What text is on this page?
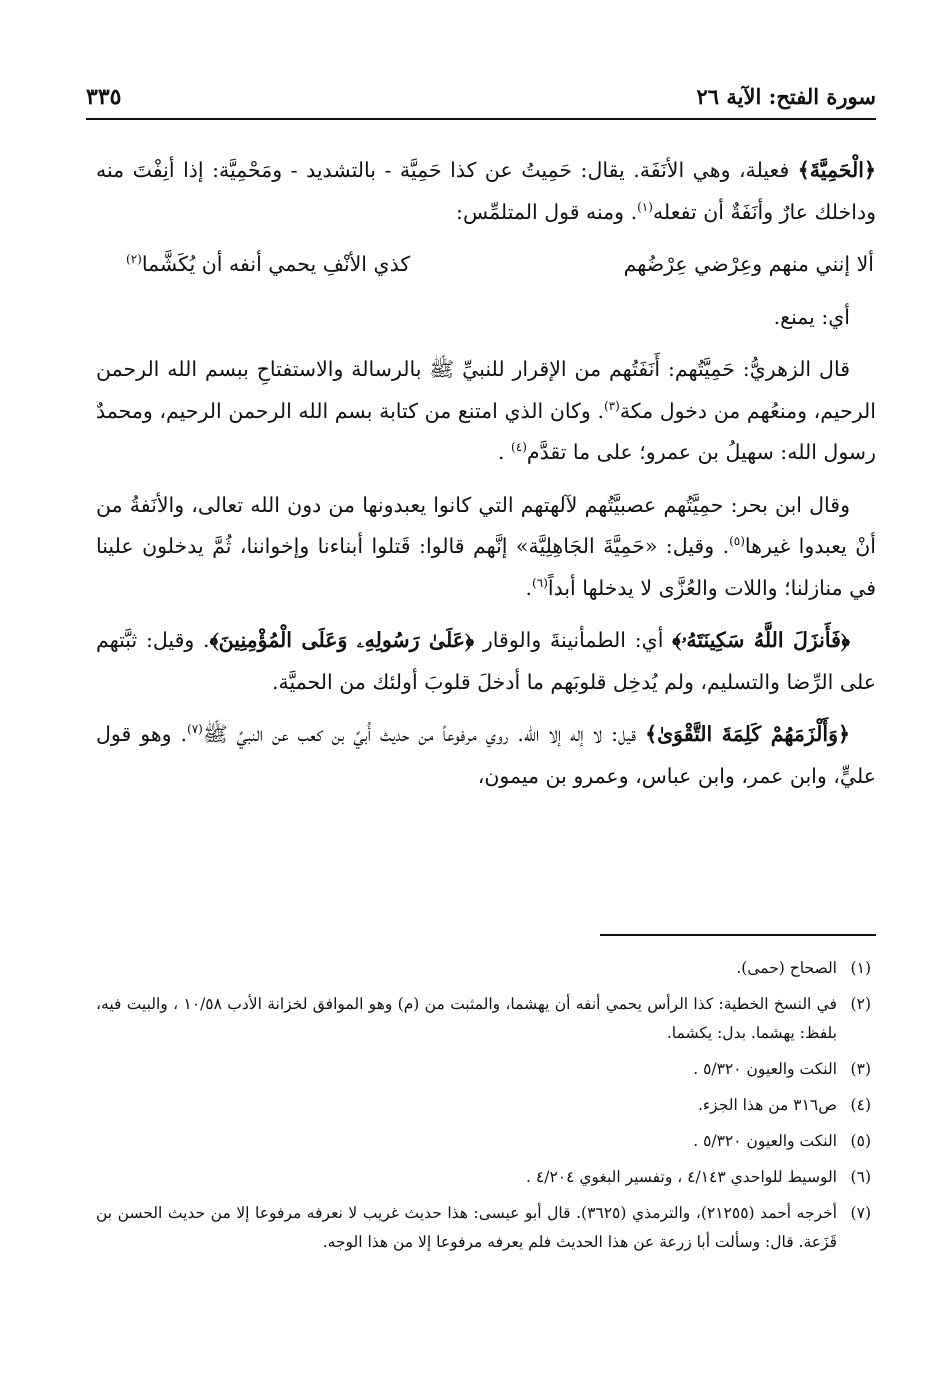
سورة الفتح: الآية ٢٦
٣٣٥

﴿الْحَمِيَّةَ﴾ فعيلة، وهي الأنَفَة. يقال: حَمِيتُ عن كذا حَمِيَّة - بالتشديد - ومَحْمِيَّة: إذا أنِفْتَ منه وداخلك عارٌ وأنَفَةٌ أن تفعله$^{(١)}$. ومنه قول المتلمِّس:

ألا إنني منهم وعِرْضي عِرْضُهم
كذي الأنْفِ يحمي أنفه أن يُكَشَّما$^{(٢)}$

أي: يمنع.

قال الزهريُّ: حَمِيَّتُهم: أَنَفَتُهم من الإقرار للنبيِّ ﷺ بالرسالة والاستفتاحِ ببسم الله الرحمن الرحيم، ومنعُهم من دخول مكة$^{(٣)}$. وكان الذي امتنع من كتابة بسم الله الرحمن الرحيم، ومحمدٌ رسول الله: سهيلُ بن عمرو؛ على ما تقدَّم$^{(٤)}$ .

وقال ابن بحر: حمِيَّتُهم عصبيَّتُهم لآلهتهم التي كانوا يعبدونها من دون الله تعالى، والأنَفةُ من أنْ يعبدوا غيرها$^{(٥)}$. وقيل: «حَمِيَّةَ الجَاهِلِيَّة» إنَّهم قالوا: قَتلوا أبناءنا وإخواننا، ثُمَّ يدخلون علينا في منازلنا؛ واللات والعُزَّى لا يدخلها أبداً$^{(٦)}$.

﴿فَأَنزَلَ اللَّهُ سَكِينَتَهُۥ﴾ أي: الطمأنينةَ والوقار ﴿عَلَىٰ رَسُولِهِۦ وَعَلَى الْمُؤْمِنِينَ﴾. وقيل: ثبَّتهم على الرِّضا والتسليم، ولم يُدخِل قلوبَهم ما أدخلَ قلوبَ أولئك من الحميَّة.

﴿وَأَلْزَمَهُمْ كَلِمَةَ التَّقْوَىٰ﴾ قيل: لا إله إلا الله. روي مرفوعاً من حديث أُبيِّ بن كعب عن النبيِّ ﷺ$^{(٧)}$. وهو قول عليٍّ، وابن عمر، وابن عباس، وعمرو بن ميمون،

(١)
الصحاح (حمى).
(٢)
في النسخ الخطية: كذا الرأس يحمي أنفه أن يهشما، والمثبت من (م) وهو الموافق لخزانة الأدب ١٠/٥٨ ، والبيت فيه، بلفظ: يهشما. بدل: يكشما.
(٣)
النكت والعيون ٥/٣٢٠ .
(٤)
ص٣١٦ من هذا الجزء.
(٥)
النكت والعيون ٥/٣٢٠ .
(٦)
الوسيط للواحدي ٤/١٤٣ ، وتفسير البغوي ٤/٢٠٤ .
(٧)
أخرجه أحمد (٢١٢٥٥)، والترمذي (٣٦٢٥). قال أبو عيسى: هذا حديث غريب لا نعرفه مرفوعا إلا من حديث الحسن بن قَزَعة. قال: وسألت أبا زرعة عن هذا الحديث فلم يعرفه مرفوعا إلا من هذا الوجه.
